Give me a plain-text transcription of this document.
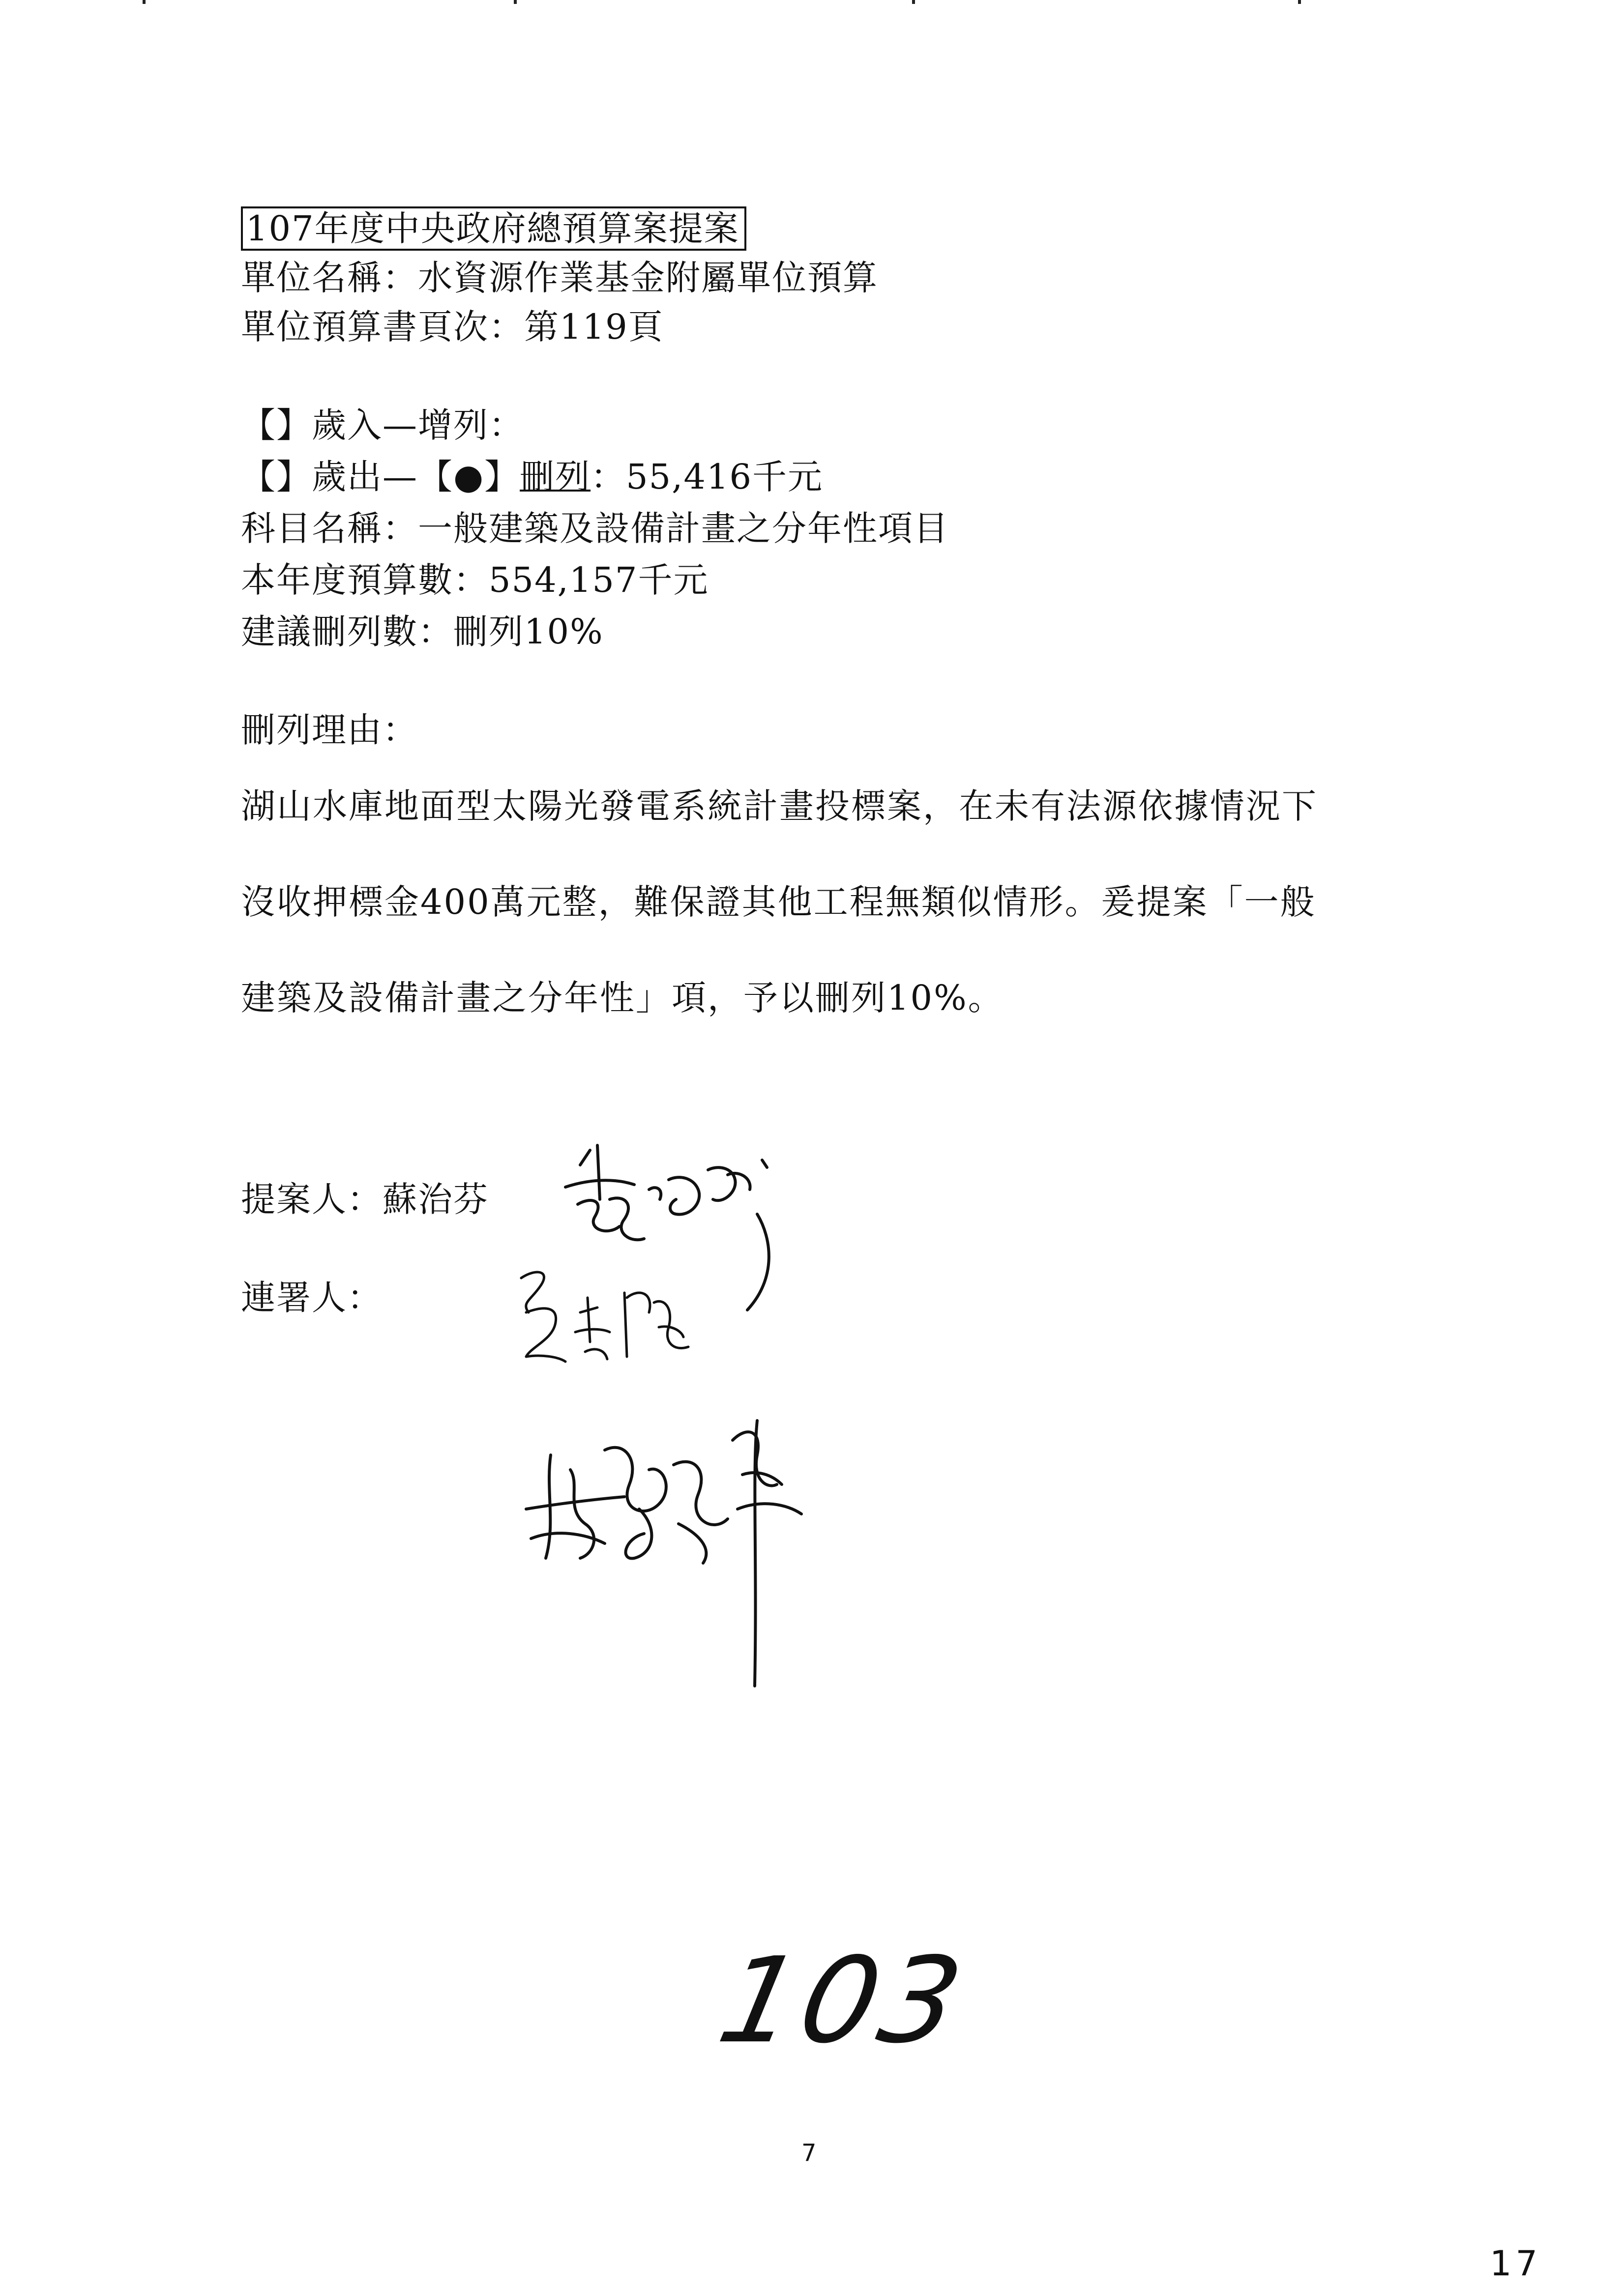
107年度中央政府總預算案提案
單位名稱：水資源作業基金附屬單位預算
單位預算書頁次：第119頁
【】歲入—增列：
【】歲出—【●】刪列：55,416千元
科目名稱：一般建築及設備計畫之分年性項目
本年度預算數：554,157千元
建議刪列數：刪列10%
刪列理由：
湖山水庫地面型太陽光發電系統計畫投標案，在未有法源依據情況下
沒收押標金400萬元整，難保證其他工程無類似情形。爰提案「一般
建築及設備計畫之分年性」項，予以刪列10%。
提案人：蘇治芬
連署人：
103
7
17
